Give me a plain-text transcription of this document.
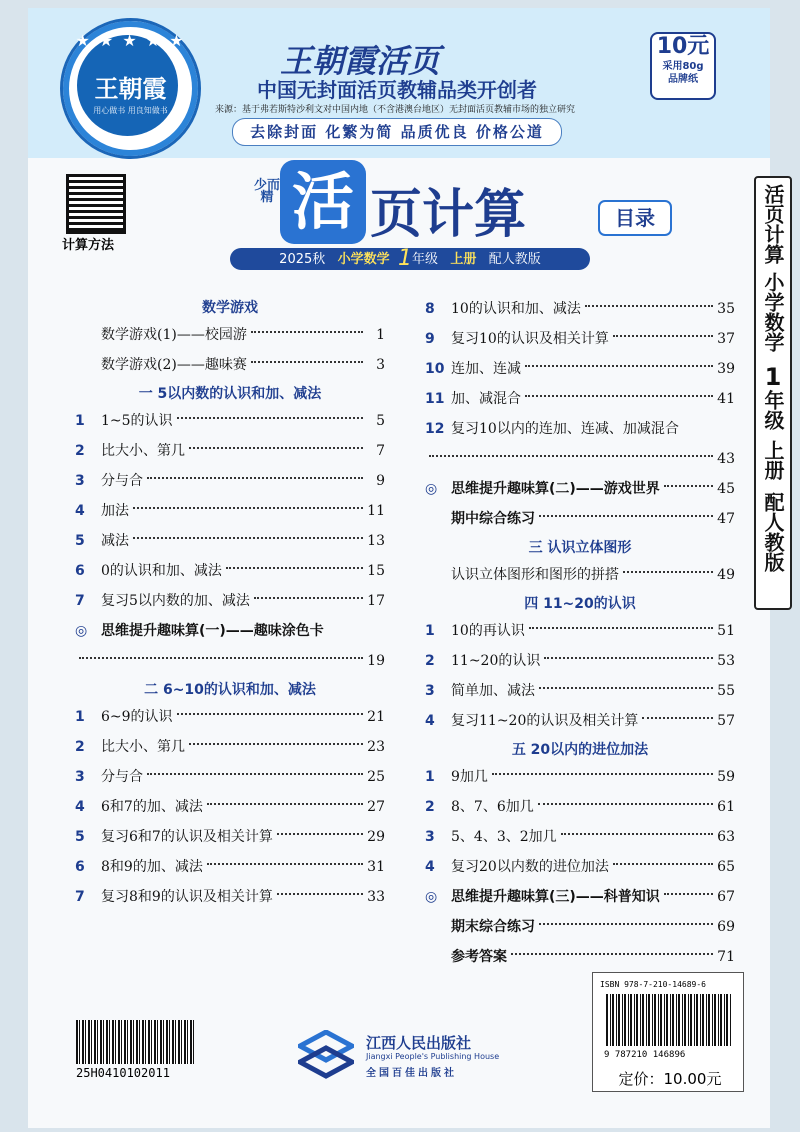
★ ★ ★ ★ ★
王朝霞
用心做书 用良知做书
王朝霞活页
中国无封面活页教辅品类开创者
来源：基于弗若斯特沙利文对中国内地（不含港澳台地区）无封面活页教辅市场的独立研究
去除封面 化繁为简 品质优良 价格公道
10元
采用80g
品牌纸
计算方法
少而精 活 页计算	目录
2025秋 小学数学 1年级 上册 配人教版	活页计算
小学数学
1
年级
上册
配人教版
数学游戏
数学游戏(1)——校园游	1
数学游戏(2)——趣味赛	3
一 5以内数的认识和加、减法
1	1~5的认识	5
2	比大小、第几	7
3	分与合	9
4	加法	11
5	减法	13
6	0的认识和加、减法	15
7	复习5以内数的加、减法	17
◎ 思维提升趣味算(一)——趣味涂色卡
19
二 6~10的认识和加、减法
1	6~9的认识	21
2	比大小、第几	23
3	分与合	25
4	6和7的加、减法	27
5	复习6和7的认识及相关计算	29
6	8和9的加、减法	31
7	复习8和9的认识及相关计算	33
8	10的认识和加、减法	35
9	复习10的认识及相关计算	37
10 连加、连减	39
11 加、减混合	41
12 复习10以内的连加、连减、加减混合
43
◎ 思维提升趣味算(二)——游戏世界	45
期中综合练习	47
三 认识立体图形
认识立体图形和图形的拼搭	49
四 11~20的认识
1	10的再认识	51
2	11~20的认识	53
3	简单加、减法	55
4	复习11~20的认识及相关计算	57
五 20以内的进位加法
1	9加几	59
2	8、7、6加几	61
3	5、4、3、2加几	63
4	复习20以内数的进位加法	65
◎ 思维提升趣味算(三)——科普知识	67
期末综合练习	69
参考答案	71
25H0410102011
江西人民出版社
Jiangxi People's Publishing House
全国百佳出版社
ISBN 978-7-210-14689-6
9 787210 146896
定价：10.00元
